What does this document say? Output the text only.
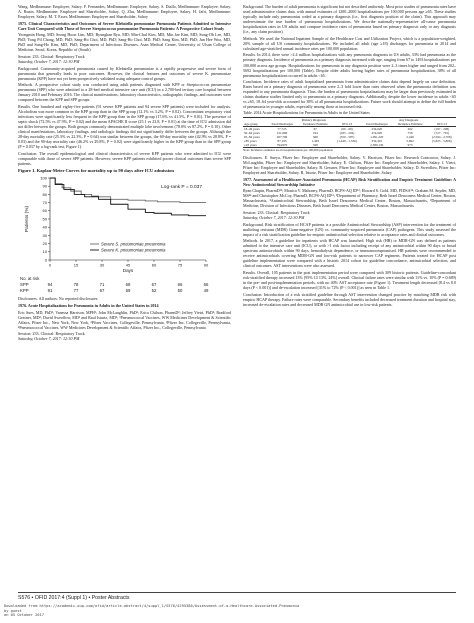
Wang, MedImmune: Employee, Salary. F. Fernandes, MedImmune: Employee, Salary. S. Diallo, MedImmune: Employee, Salary. A. Ruzin, MedImmune: Employee and Shareholder, Salary. Q. Zhu, MedImmune: Employee, Salary. H. Jafri, MedImmune: Employee, Salary. M. T. Esser, MedImmune: Employee and Shareholder, Salary

1975. Clinical Characteristics and Outcomes of Severe Klebsiella pneumoniae Pneumonia Patients Admitted to Intensive Care Unit Compared with Those of Severe Streptococcus pneumoniae Pneumonia Patients: A Prospective Cohort Study

Yeongmin Hong, MD; Seong Hoon Lim, MD; Byunghan Ryu, MD; Min-Chul Kim, MD; Min Jae Kim, MD; Sung-Oh Lee, MD, PhD; Yong Pil Chong, MD, PhD; Sang-Ho Choi, MD, PhD; Sang-Ho Choi, MD, PhD; Sang Kim, MD, PhD; Jun Hee Woo, MD, PhD and Sung-Ho Kim, MD, PhD; Department of Infectious Diseases, Asan Medical Center, University of Ulsan College of Medicine, Seoul, Korea, Republic of (South)

Session: 233. Clinical: Respiratory Track
Saturday, October 7, 2017: 12:30 PM

Background. Community-acquired pneumonia caused by Klebsiella pneumoniae is a rapidly progressive and severe form of pneumonia that generally leads to poor outcomes. However, the clinical features and outcomes of severe K. pneumoniae pneumonia (KPP) have not yet been prospectively validated using adequate control groups.

Methods. A prospective cohort study was conducted using adult patients diagnosed with KPP or Streptococcus pneumoniae pneumonia (SPP) who were admitted to a 28-bed medical intensive care unit (ICU) in a 2,700-bed tertiary care hospital between January 2010 and February 2016. The clinical manifestations, laboratory characteristics, radiographic findings, and outcomes were compared between the KPP and SPP groups.

Results. One hundred and eighty-five patients (91 severe KPP patients and 94 severe SPP patients) were included for analysis. Alcoholism was more common in the KPP group than in the SPP group (12.1% vs 3.2%, P = 0.02). Concomitant respiratory viral infections were significantly less frequent in the KPP group than in the SPP group (17.6% vs 41.5%, P = 0.01). The presence of septic shock (72.5% vs 47.9%, P = 0.02) and the mean APACHE II score (25.1 vs 23.8, P = 0.01) at the time of ICU admission did not differ between the groups. Both groups commonly demonstrated multiple lobe involvement (78.0% vs 87.2%, P = 0.10). Other clinical manifestations, laboratory findings, and radiologic findings did not significantly differ between the groups. Although the 28-day mortality rate (25.3% vs 22.3%, P = 0.64) was similar between the groups, the 60-day mortality rate (42.9% vs 28.8%, P = 0.03) and the 90-day mortality rate (46.2% vs 29.8%, P = 0.02) were significantly higher in the KPP group than in the SPP group (P = 0.037 by a log-rank test, Figure 1).

Conclusion. The overall epidemiological and clinical characteristics of severe KPP patients who were admitted to ICU were comparable with those of severe SPP patients. However, severe KPP patients exhibited poorer clinical outcomes than severe SPP patients.

Figure 1. Kaplan-Meier Curves for mortality up to 90 days after ICU admission
0
10
20
30
40
50
60
70
80
90
100
0	15	30	45	60	75	90
Days
Patients (%)
Log-rank P = 0.037
Severe S. pneumoniae pneumonia
Severe K. pneumoniae pneumonia
No. at risk
SPP	94	78	71	68	67	66	66
KPP	91	77	67	59	52	50	49

Disclosures. All authors: No reported disclosures.

1976. Acute Hospitalizations for Pneumonia in Adults in the United States in 2014

Eric Sues, MD, PhD¹; Vanessa Harrison, MPH¹; John McLaughlin, PhD²; Erica Chilson, PharmD²; Jeffrey Vietri, PhD²; Bradford Gessner, MD²; David Swerdlow, MD² and Raul Isturiz, MD²; ¹Pneumococcal Vaccines, WW Medicines Development & Scientific Affairs, Pfizer Inc., New York, New York, ²Pfizer Vaccines, Collegeville, Pennsylvania, ³Pfizer Inc, Collegeville, Pennsylvania, ⁴Pneumococcal Vaccines, WW Medicines Development & Scientific Affairs, Pfizer Inc., Collegeville, Pennsylvania

Session: 233. Clinical: Respiratory Track
Saturday, October 7, 2017: 12:30 PM

Background. The burden of adult pneumonia is significant but not described uniformly. Most prior studies of pneumonia rates have used administrative claims data, with annual estimates of 1200–2000 hospitalizations per 100,000 persons age ≥65. These studies typically include only pneumonias coded as a primary diagnosis (i.e., first diagnosis position of the claim). This approach may underestimate the true burden of pneumonia hospitalizations. We describe nationally-representative all-cause pneumonia hospitalization rates in US adults and compare incidence rates of pneumonia based on primary diagnosis only or any diagnosis (i.e., any claim position).

Methods. We used the National Inpatient Sample of the Healthcare Cost and Utilization Project, which is a population-weighted, 20% sample of all US community hospitalizations. We included all adult (age ≥18) discharges for pneumonia in 2014 and calculated age-stratified annual incidence rates per 100,000 population.

Results. In 2014, there were >2.4 million hospitalizations with any pneumonia diagnosis in US adults, 33% had pneumonia as the primary diagnosis. Incidence of pneumonia as a primary diagnosis increased with age, ranging from 67 to 1493 hospitalizations per 100,000 across age groups. Hospitalizations for pneumonia in any diagnosis position were 2–3 times higher and ranged from 202–5692 hospitalizations per 100,000 (Table). Despite older adults having higher rates of pneumonia hospitalization, 38% of all pneumonia hospitalizations occurred in adults <65.

Conclusion. Incidence rates of adult hospitalized pneumonia from administrative claims data depend largely on case definition. Rates based on a primary diagnosis of pneumonia were 2–3 fold lower than rates observed when the pneumonia definition was expanded to any pneumonia diagnosis. Thus, the burden of pneumonia hospitalizations may be larger than previously estimated in claims database studies limited only to pneumonia as a primary diagnosis. Additionally, despite the lower incidence in adults <65 vs ≥65, 18–64 year-olds accounted for 38% of all pneumonia hospitalizations. Future work should attempt to define the full burden of pneumonia in younger adults, especially among those at increased risk.

Table. 2014 Acute Hospitalizations for Pneumonia in Adults in the United States
	Primary Diagnosis			Any Diagnosis		
Age group	Total Discharges	Incidence Estimate	95% CI	Total Discharges	Incidence Estimate	95% CI
18–49 years	77,725	67	(60 - 69)	234,020	202	(197 - 208)
50–64 years	121,660	194	(185 - 204)	474,920	759	(727 - 791)
65–84 years	267,790	568	(550 - 587)	1,091,220	2,449	(2,594 - 2,708)
≥85 years	87,195	1,493	(1,449 - 1,536)	332,410	5,692	(5,625 - 5,806)
≥18 years	794,970	328		2,380,130	973	
Note: Incidence estimates are in hospitalizations per 100,000 population.

Disclosures. E. Sueya, Pfizer Inc: Employee and Shareholder, Salary. V. Harrison, Pfizer Inc: Research Contractor, Salary. J. McLaughlin, Pfizer Inc: Employee and Shareholder, Salary. E. Chilson, Pfizer Inc: Employee and Shareholder, Salary. J. Vietri, Pfizer Inc: Employee and Shareholder, Salary. B. Gessner, Pfizer Inc: Employee and Shareholder, Salary. D. Swerdlow, Pfizer Inc: Employee and Shareholder, Salary. R. Isturiz, Pfizer Inc: Employee and Shareholder, Salary

1977. Assessment of a Healthcare-Associated Pneumonia (HCAP) Risk Stratification and Empiric Treatment Guideline: A New Antimicrobial Stewardship Initiative

Ryan Chapin, PharmD¹²; Monica V. Mahoney, PharmD, BCPS-AQ ID¹²; Howard S. Gold, MD, FIDSA³⁴; Graham M. Snyder, MD, MS³⁴ and Christopher McCoy, PharmD, BCPS-AQ ID¹²; ¹Department of Pharmacy, Beth Israel Deaconess Medical Center, Boston, Massachusetts, ²Antimicrobial Stewardship, Beth Israel Deaconess Medical Center, Boston, Massachusetts, ³Department of Medicine, Division of Infectious Diseases, Beth Israel Deaconess Medical Center, Boston, Massachusetts

Session: 233. Clinical: Respiratory Track
Saturday, October 7, 2017: 12:30 PM

Background. Risk stratification of HCAP patients is a possible Antimicrobial Stewardship (ASP) intervention for the treatment of multidrug resistant (MDR) Gram-negative (GN) vs. community-acquired pneumonia (CAP) pathogens. This study assessed the impact of a risk stratification guideline for empiric antimicrobial selection relative to acceptance rates and clinical outcomes.

Methods. In 2017, a guideline for inpatients with HCAP was launched. High risk (HR) or MDR-GN was defined as patients admitted to the intensive care unit (ICU), or with >1 risk factor including receipt of any antimicrobial within 90 days or broad spectrum antimicrobials within 90 days, hemodialysis dependence, or immunocompromised. HR patients were recommended to receive antimicrobials covering MDR-GN and low-risk patients to narrower CAP regimens. Patients treated for HCAP post guideline implementation were compared with a historic 2014 cohort for guideline concordance, antimicrobial selection, and clinical outcomes. AST interventions were also assessed.

Results. Overall, 105 patients in the post implementation period were compared with 309 historic patients. Guideline-concordant risk-stratified therapy increased 13% [95% CI 13%, 24%] overall. Clinical failure rates were similar with 11% vs. 10% (P = 0.689) in the pre- and post-implementation periods, with no 40% AST acceptance rate (Figure 1). Treatment length decreased [8.4 vs 8.0 days (P < 0.001)] and de-escalation increased [31% to 72% (P < 0.001)] as seen in Table 1.

Conclusion. Introduction of a risk stratified guideline through AST intervention changed practice by matching MDR risk with empiric HCAP therapy. Failure rates were comparable. Secondary benefits included decreased treatment duration and hospital stay, increased de-escalation rates and decreased MDR GN antimicrobial use in low-risk patients.

S576 • OFID 2017:4 (Suppl 1) • Poster Abstracts
Downloaded from https://academic.oup.com/ofid/article-abstract/4/suppl_1/S576/4295386/Assessment-of-a-Healthcare-Associated-Pneumonia
by guest
on 05 October 2017
